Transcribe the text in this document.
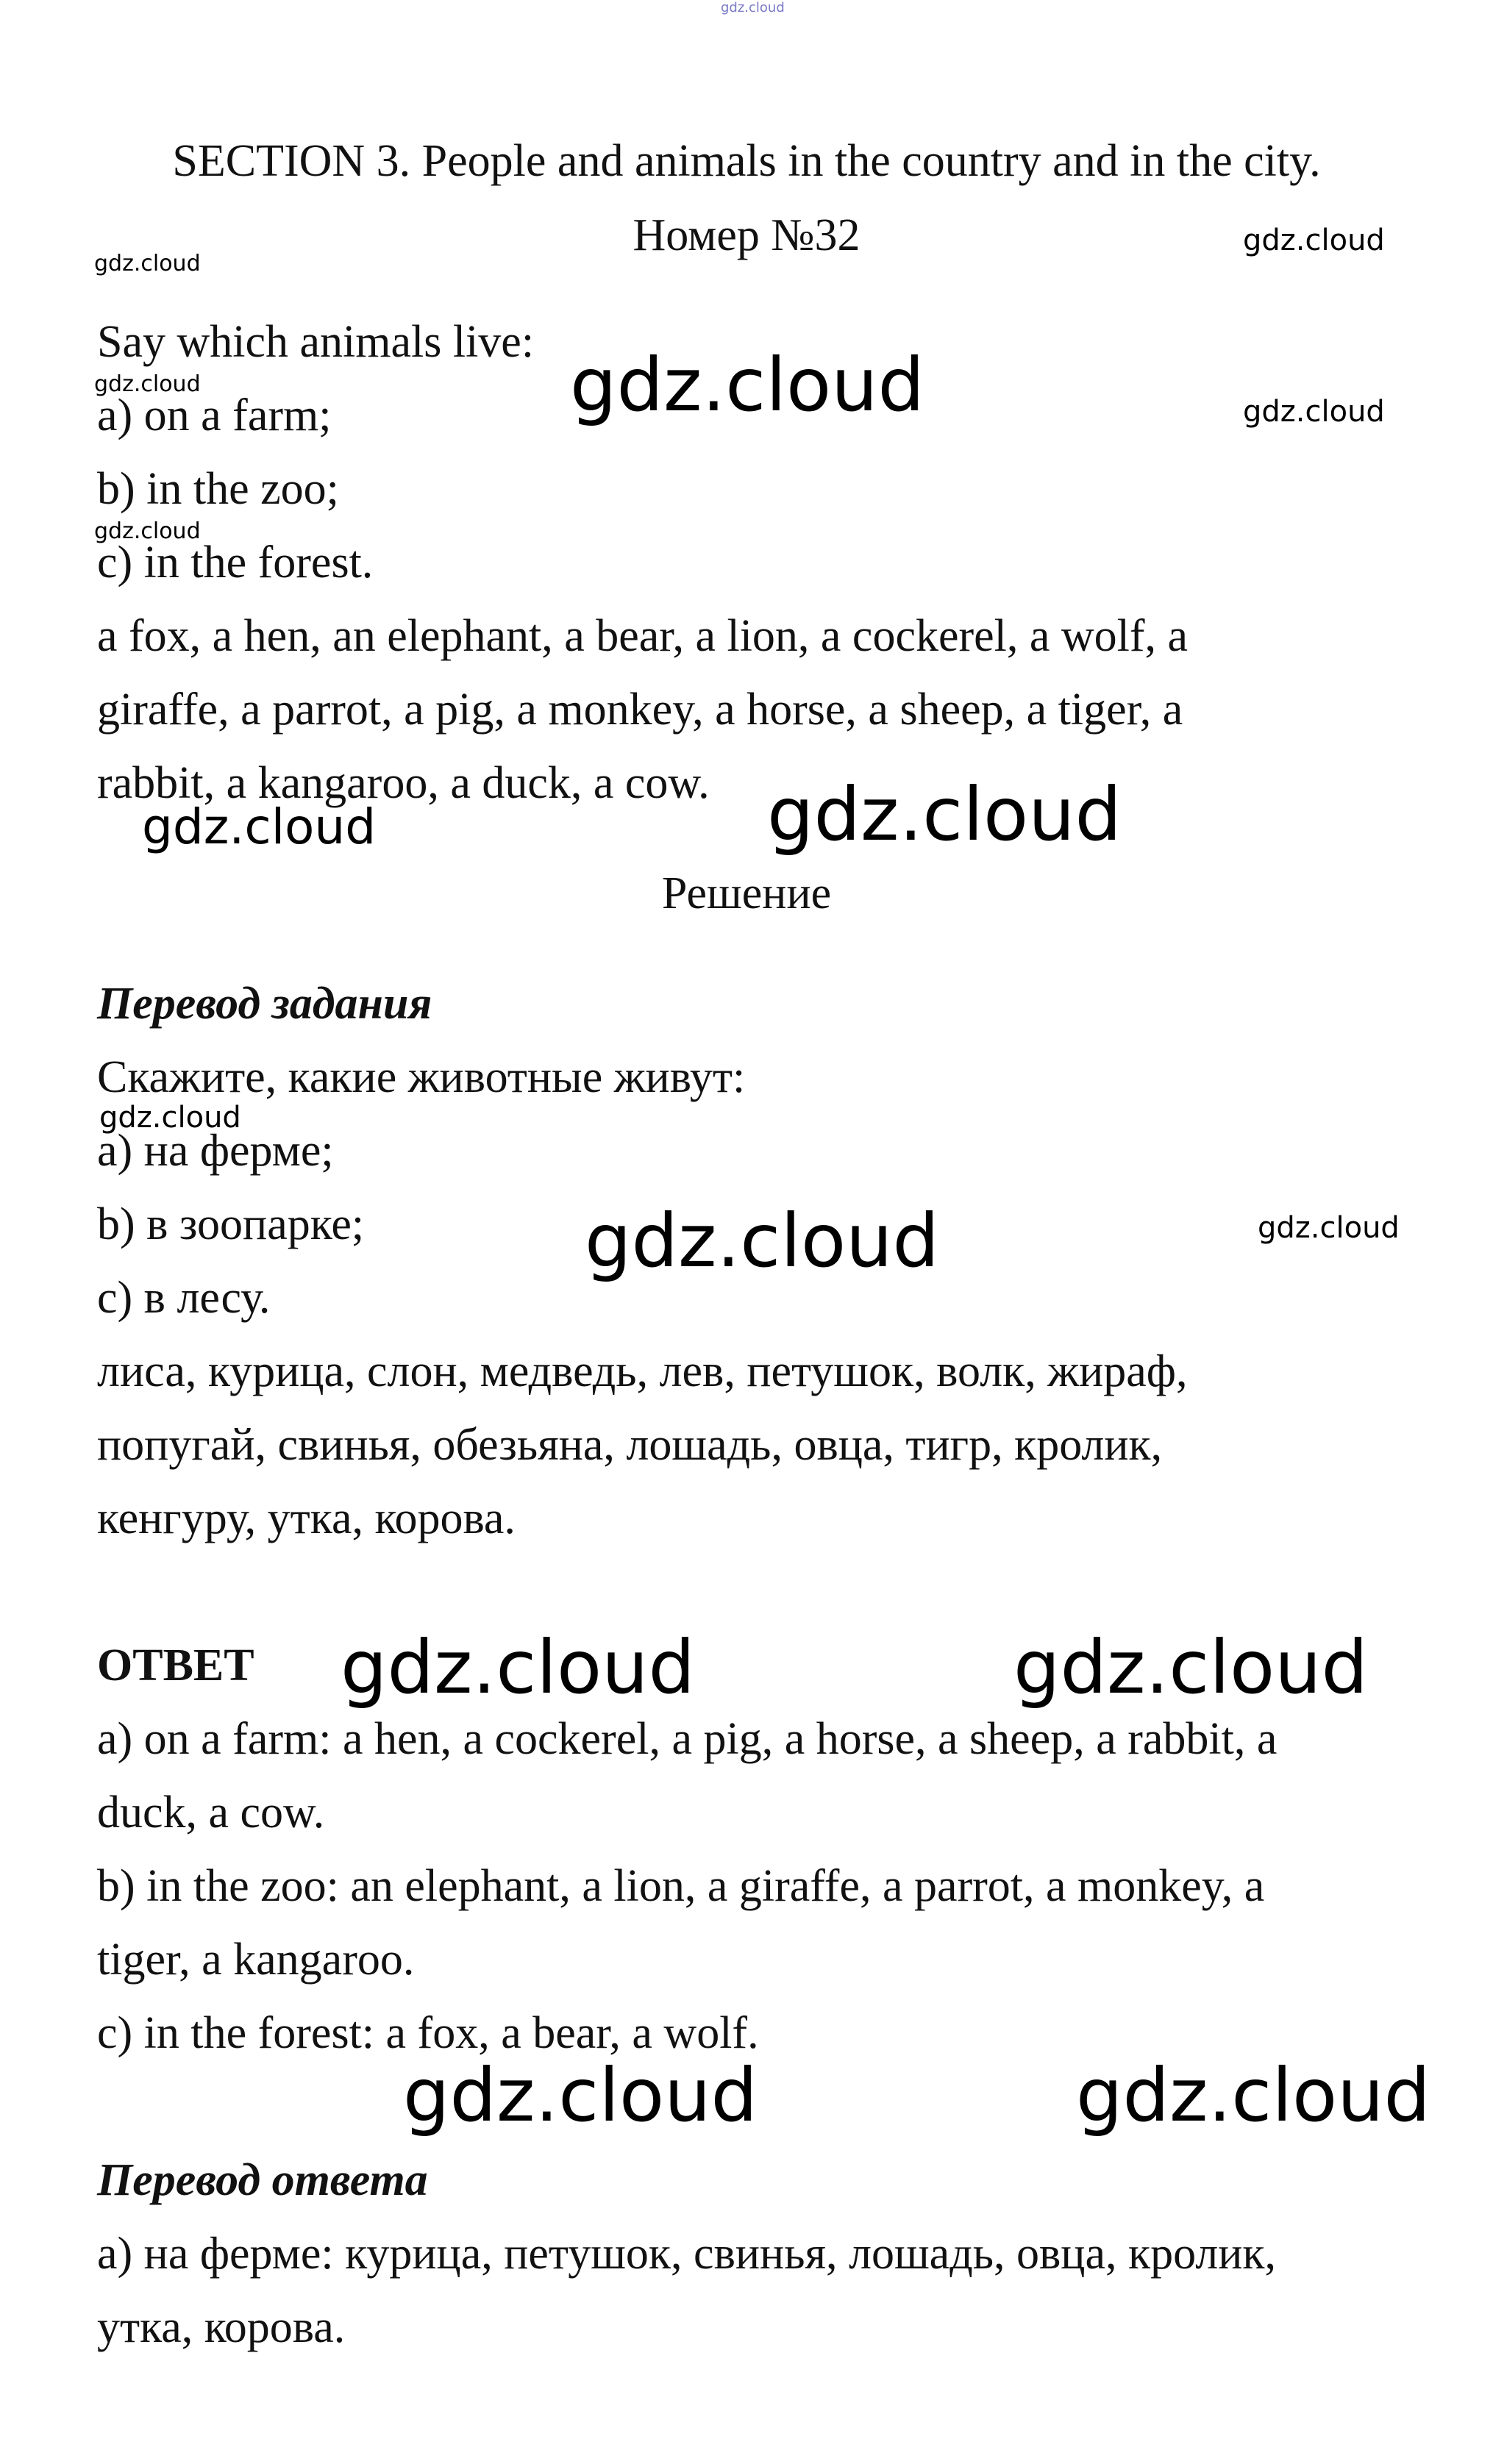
gdz.cloud
SECTION 3. People and animals in the country and in the city.
Номер №32
Say which animals live:
a) on a farm;
b) in the zoo;
c) in the forest.
a fox, a hen, an elephant, a bear, a lion, a cockerel, a wolf, a
giraffe, a parrot, a pig, a monkey, a horse, a sheep, a tiger, a
rabbit, a kangaroo, a duck, a cow.
Решение
Перевод задания
Скажите, какие животные живут:
а) на ферме;
b) в зоопарке;
с) в лесу.
лиса, курица, слон, медведь, лев, петушок, волк, жираф,
попугай, свинья, обезьяна, лошадь, овца, тигр, кролик,
кенгуру, утка, корова.
ОТВЕТ
a) on a farm: a hen, a cockerel, a pig, a horse, a sheep, a rabbit, a
duck, a cow.
b) in the zoo: an elephant, a lion, a giraffe, a parrot, a monkey, a
tiger, a kangaroo.
c) in the forest: a fox, a bear, a wolf.
Перевод ответа
а) на ферме: курица, петушок, свинья, лошадь, овца, кролик,
утка, корова.
gdz.cloud
gdz.cloud
gdz.cloud	gdz.cloud	gdz.cloud
gdz.cloud
gdz.cloud	gdz.cloud
gdz.cloud
gdz.cloud	gdz.cloud
gdz.cloud	gdz.cloud
gdz.cloud	gdz.cloud
